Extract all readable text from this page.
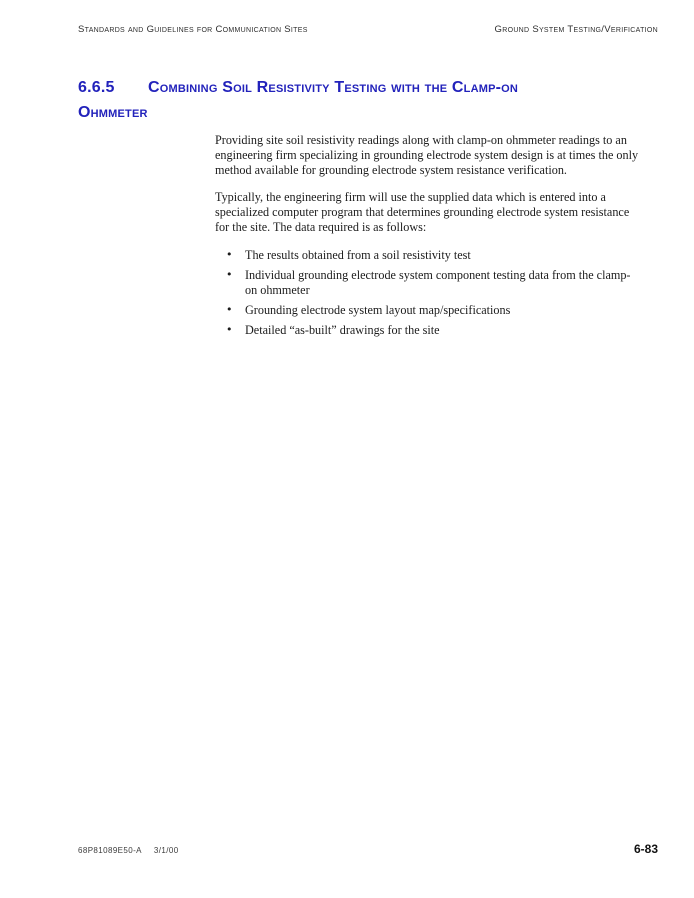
Standards and Guidelines for Communication Sites	Ground System Testing/Verification
6.6.5 Combining Soil Resistivity Testing with the Clamp-on
Ohmmeter
Providing site soil resistivity readings along with clamp-on ohmmeter readings to an
engineering firm specializing in grounding electrode system design is at times the only
method available for grounding electrode system resistance verification.
Typically, the engineering firm will use the supplied data which is entered into a
specialized computer program that determines grounding electrode system resistance
for the site. The data required is as follows:
• The results obtained from a soil resistivity test
• Individual grounding electrode system component testing data from the clamp-
on ohmmeter
• Grounding electrode system layout map/specifications
• Detailed “as-built” drawings for the site
68P81089E50-A 3/1/00	6-83
